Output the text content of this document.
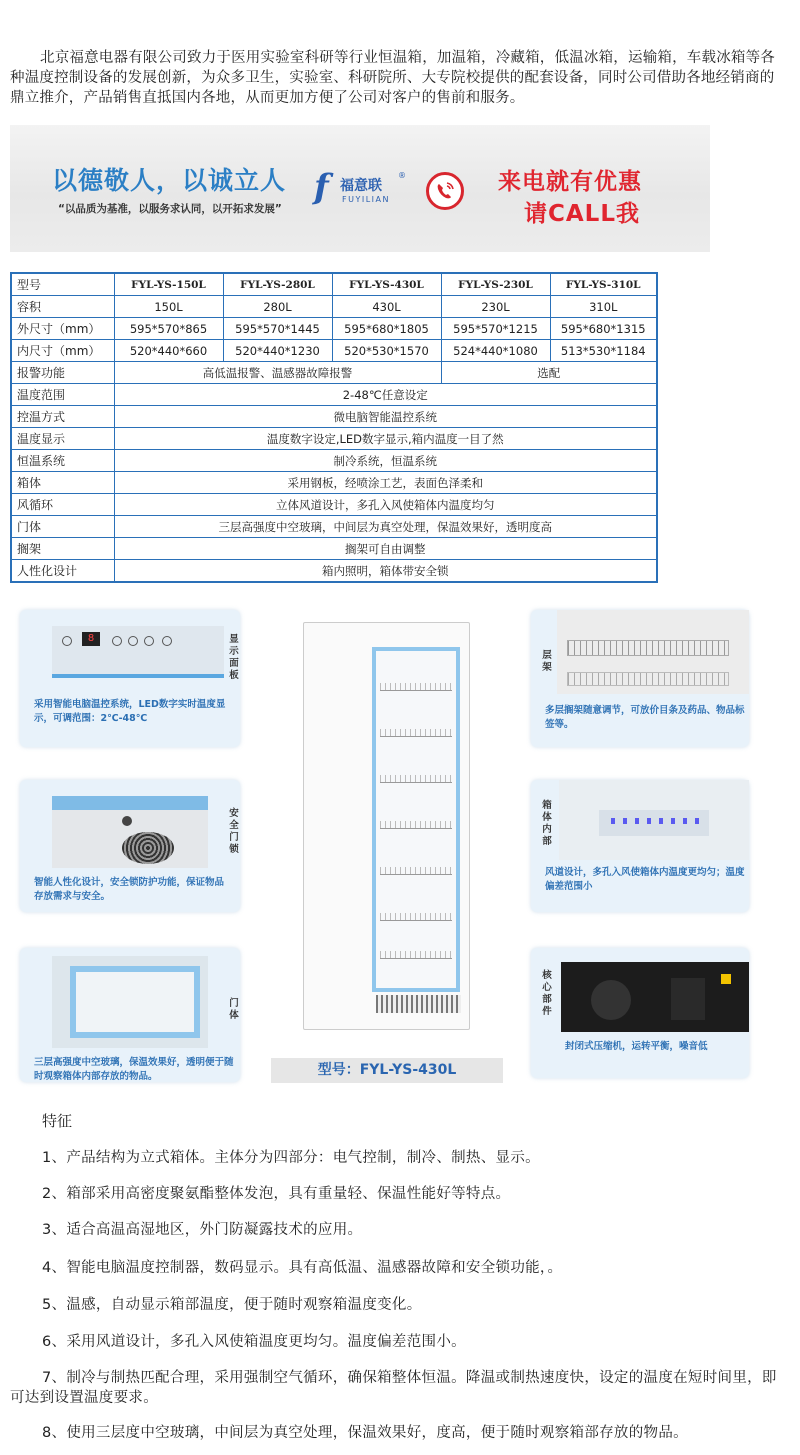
北京福意电器有限公司致力于医用实验室科研等行业恒温箱，加温箱，冷藏箱，低温冰箱，运输箱，车载冰箱等各种温度控制设备的发展创新，为众多卫生，实验室、科研院所、大专院校提供的配套设备，同时公司借助各地经销商的鼎立推介，产品销售直抵国内各地，从而更加方便了公司对客户的售前和服务。

以德敬人，以诚立人
“以品质为基准，以服务求认同，以开拓求发展”
f 福意联
®
FUYILIAN
来电就有优惠
请CALL我
型号	FYL-YS-150L	FYL-YS-280L	FYL-YS-430L	FYL-YS-230L	FYL-YS-310L
容积	150L	280L	430L	230L	310L
外尺寸（mm）	595*570*865	595*570*1445	595*680*1805	595*570*1215	595*680*1315
内尺寸（mm）	520*440*660	520*440*1230	520*530*1570	524*440*1080	513*530*1184
报警功能	高低温报警、温感器故障报警			选配	
温度范围	2-48℃任意设定				
控温方式	微电脑智能温控系统				
温度显示	温度数字设定,LED数字显示,箱内温度一目了然				
恒温系统	制冷系统，恒温系统				
箱体	采用钢板，经喷涂工艺，表面色泽柔和				
风循环	立体风道设计，多孔入风使箱体内温度均匀				
门体	三层高强度中空玻璃，中间层为真空处理，保温效果好，透明度高				
搁架	搁架可自由调整				
人性化设计	箱内照明，箱体带安全锁				
8	显示面板
采用智能电脑温控系统，LED数字实时温度显示，可调范围：2℃-48℃
安全门锁
智能人性化设计，安全锁防护功能，保证物品 存放需求与安全。
门体
三层高强度中空玻璃，保温效果好，透明便于随时观察箱体内部存放的物品。
层架
多层搁架随意调节，可放价目条及药品、物品标签等。
箱体内部
风道设计，多孔入风使箱体内温度更均匀；温度偏差范围小
核心部件
封闭式压缩机，运转平衡，噪音低
型号：FYL-YS-430L
特征
1、产品结构为立式箱体。主体分为四部分：电气控制，制冷、制热、显示。
2、箱部采用高密度聚氨酯整体发泡，具有重量轻、保温性能好等特点。
3、适合高温高湿地区，外门防凝露技术的应用。
4、智能电脑温度控制器，数码显示。具有高低温、温感器故障和安全锁功能，。
5、温感，自动显示箱部温度，便于随时观察箱温度变化。
6、采用风道设计，多孔入风使箱温度更均匀。温度偏差范围小。
7、制冷与制热匹配合理，采用强制空气循环，确保箱整体恒温。降温或制热速度快，设定的温度在短时间里，即可达到设置温度要求。
8、使用三层度中空玻璃，中间层为真空处理，保温效果好，度高，便于随时观察箱部存放的物品。
